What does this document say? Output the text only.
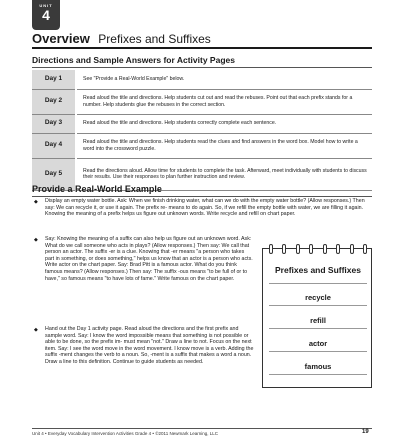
UNIT
4
Overview Prefixes and Suffixes
Directions and Sample Answers for Activity Pages
Day 1	See "Provide a Real-World Example" below.
Day 2	Read aloud the title and directions. Help students cut out and read the rebuses. Point out that each prefix stands for a number. Help students glue the rebuses in the correct section.
Day 3	Read aloud the title and directions. Help students correctly complete each sentence.
Day 4	Read aloud the title and directions. Help students read the clues and find answers in the word box. Model how to write a word into the crossword puzzle.
Day 5	Read the directions aloud. Allow time for students to complete the task. Afterward, meet individually with students to discuss their results. Use their responses to plan further instruction and review.
Provide a Real-World Example
◆	Display an empty water bottle. Ask: When we finish drinking water, what can we do with the empty water bottle? (Allow responses.) Then say: We can recycle it, or use it again. The prefix re- means to do again. So, if we refill the empty bottle with water, we are filling it again. Knowing the meaning of a prefix helps us figure out unknown words. Write recycle and refill on chart paper.
◆	Say: Knowing the meaning of a suffix can also help us figure out an unknown word. Ask: What do we call someone who acts in plays? (Allow responses.) Then say: We call that person an actor. The suffix -er is a clue. Knowing that -er means "a person who takes part in something, or does something," helps us know that an actor is a person who acts. Write actor on the chart paper. Say: Brad Pitt is a famous actor. What do you think famous means? (Allow responses.) Then say: The suffix -ous means "to be full of or to have," so famous means "to have lots of fame." Write famous on the chart paper.
◆	Hand out the Day 1 activity page. Read aloud the directions and the first prefix and sample word. Say: I know the word impossible means that something is not possible or able to be done, so the prefix im- must mean "not." Draw a line to not. Focus on the next item. Say: I see the word move in the word movement. I know move is a verb. Adding the suffix -ment changes the verb to a noun. So, -ment is a suffix that makes a word a noun. Draw a line to this definition. Continue to guide students as needed.
Prefixes and Suffixes
recycle
refill
actor
famous
Unit 4 • Everyday Vocabulary Intervention Activities Grade 4 • ©2011 Newmark Learning, LLC	19
